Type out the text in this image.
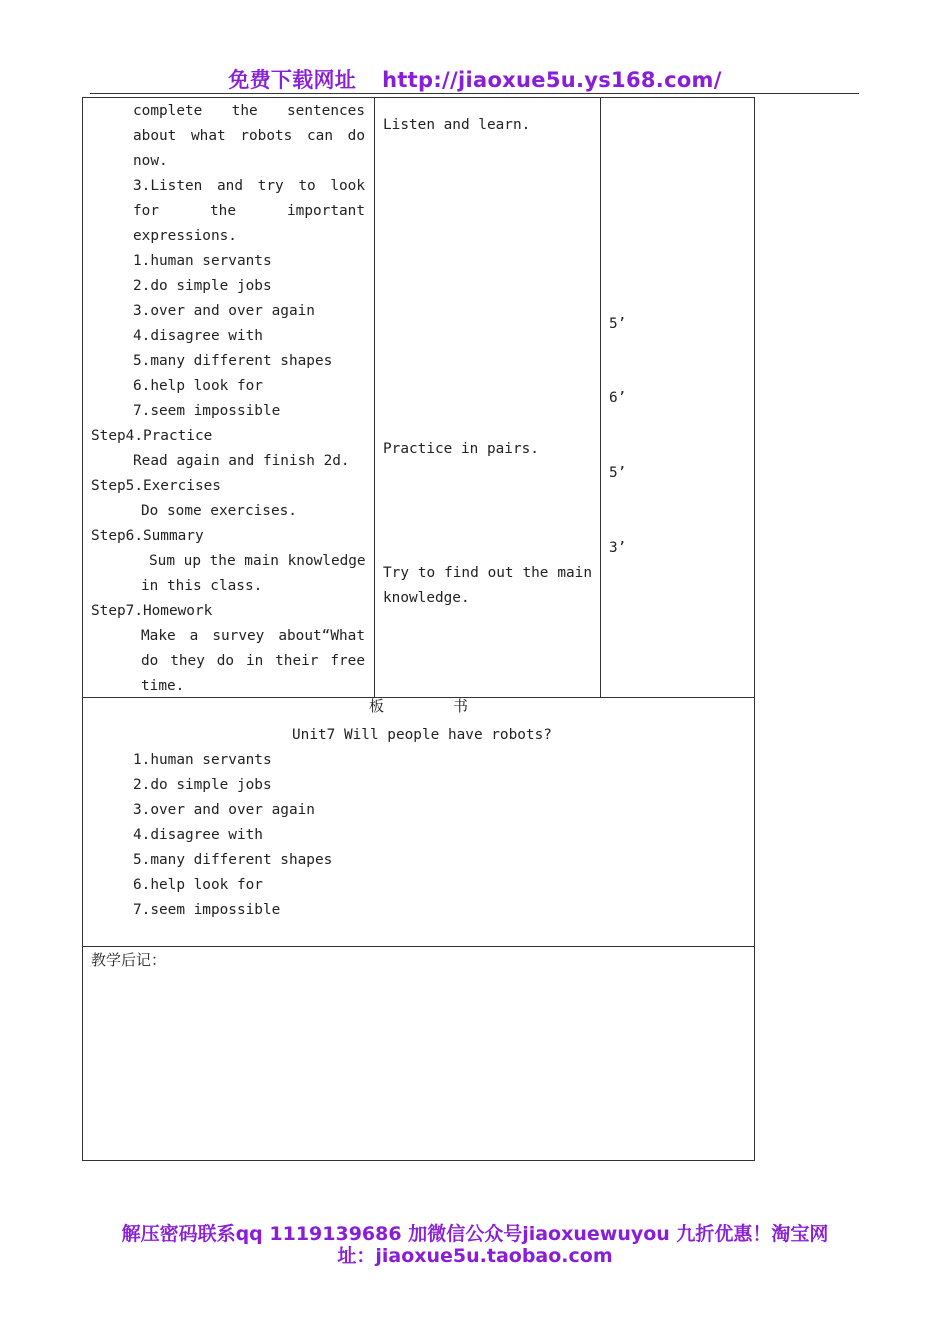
免费下载网址 http://jiaoxue5u.ys168.com/
complete the sentences
about what robots can do
now.
3.Listen and try to look
for the important
expressions.
1.human servants
2.do simple jobs
3.over and over again
4.disagree with
5.many different shapes
6.help look for
7.seem impossible
Step4.Practice
Read again and finish 2d.
Step5.Exercises
Do some exercises.
Step6.Summary
Sum up the main knowledge
in this class.
Step7.Homework
Make a survey about“What
do they do in their free
time.
Listen and learn.
Practice in pairs.
Try to find out the main
knowledge.
5’
6’
5’
3’
板	书
Unit7 Will people have robots?
1.human servants
2.do simple jobs
3.over and over again
4.disagree with
5.many different shapes
6.help look for
7.seem impossible
教学后记：
解压密码联系qq 1119139686 加微信公众号jiaoxuewuyou 九折优惠！淘宝网
址：jiaoxue5u.taobao.com
